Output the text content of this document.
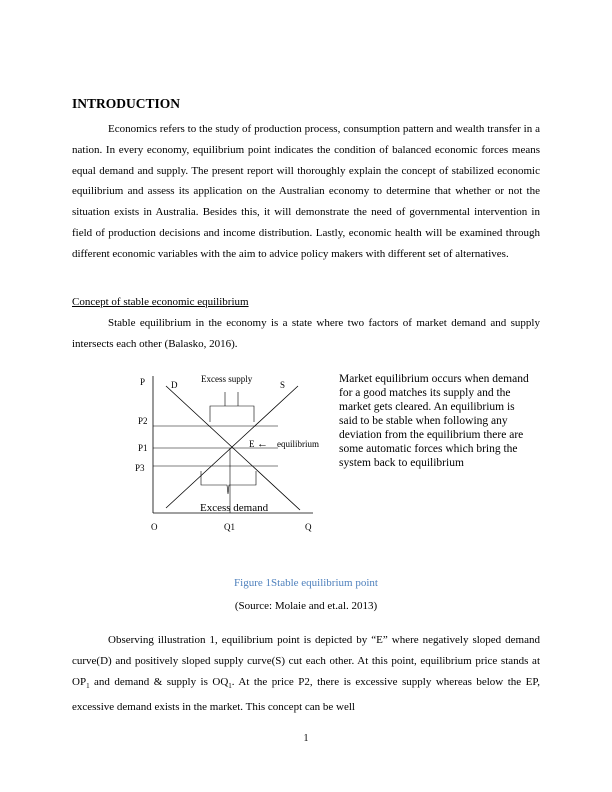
INTRODUCTION

Economics refers to the study of production process, consumption pattern and wealth transfer in a nation. In every economy, equilibrium point indicates the condition of balanced economic forces means equal demand and supply. The present report will thoroughly explain the concept of stabilized economic equilibrium and assess its application on the Australian economy to determine that whether or not the situation exists in Australia. Besides this, it will demonstrate the need of governmental intervention in field of production decisions and income distribution. Lastly, economic health will be examined through different economic variables with the aim to advice policy makers with different set of alternatives.

Concept of stable economic equilibrium

Stable equilibrium in the economy is a state where two factors of market demand and supply intersects each other (Balasko, 2016).

P	D
Excess supply
S
P2
P1
P3
E ← equilibrium
Excess demand
O	Q1	Q

Market equilibrium occurs when demand for a good matches its supply and the market gets cleared. An equilibrium is said to be stable when following any deviation from the equilibrium there are some automatic forces which bring the system back to equilibrium

Figure 1Stable equilibrium point

(Source: Molaie and et.al. 2013)

Observing illustration 1, equilibrium point is depicted by “E” where negatively sloped demand curve(D) and positively sloped supply curve(S) cut each other. At this point, equilibrium price stands at $OP_1$ and demand & supply is $OQ_1$. At the price P2, there is excessive supply whereas below the EP, excessive demand exists in the market. This concept can be well

1
